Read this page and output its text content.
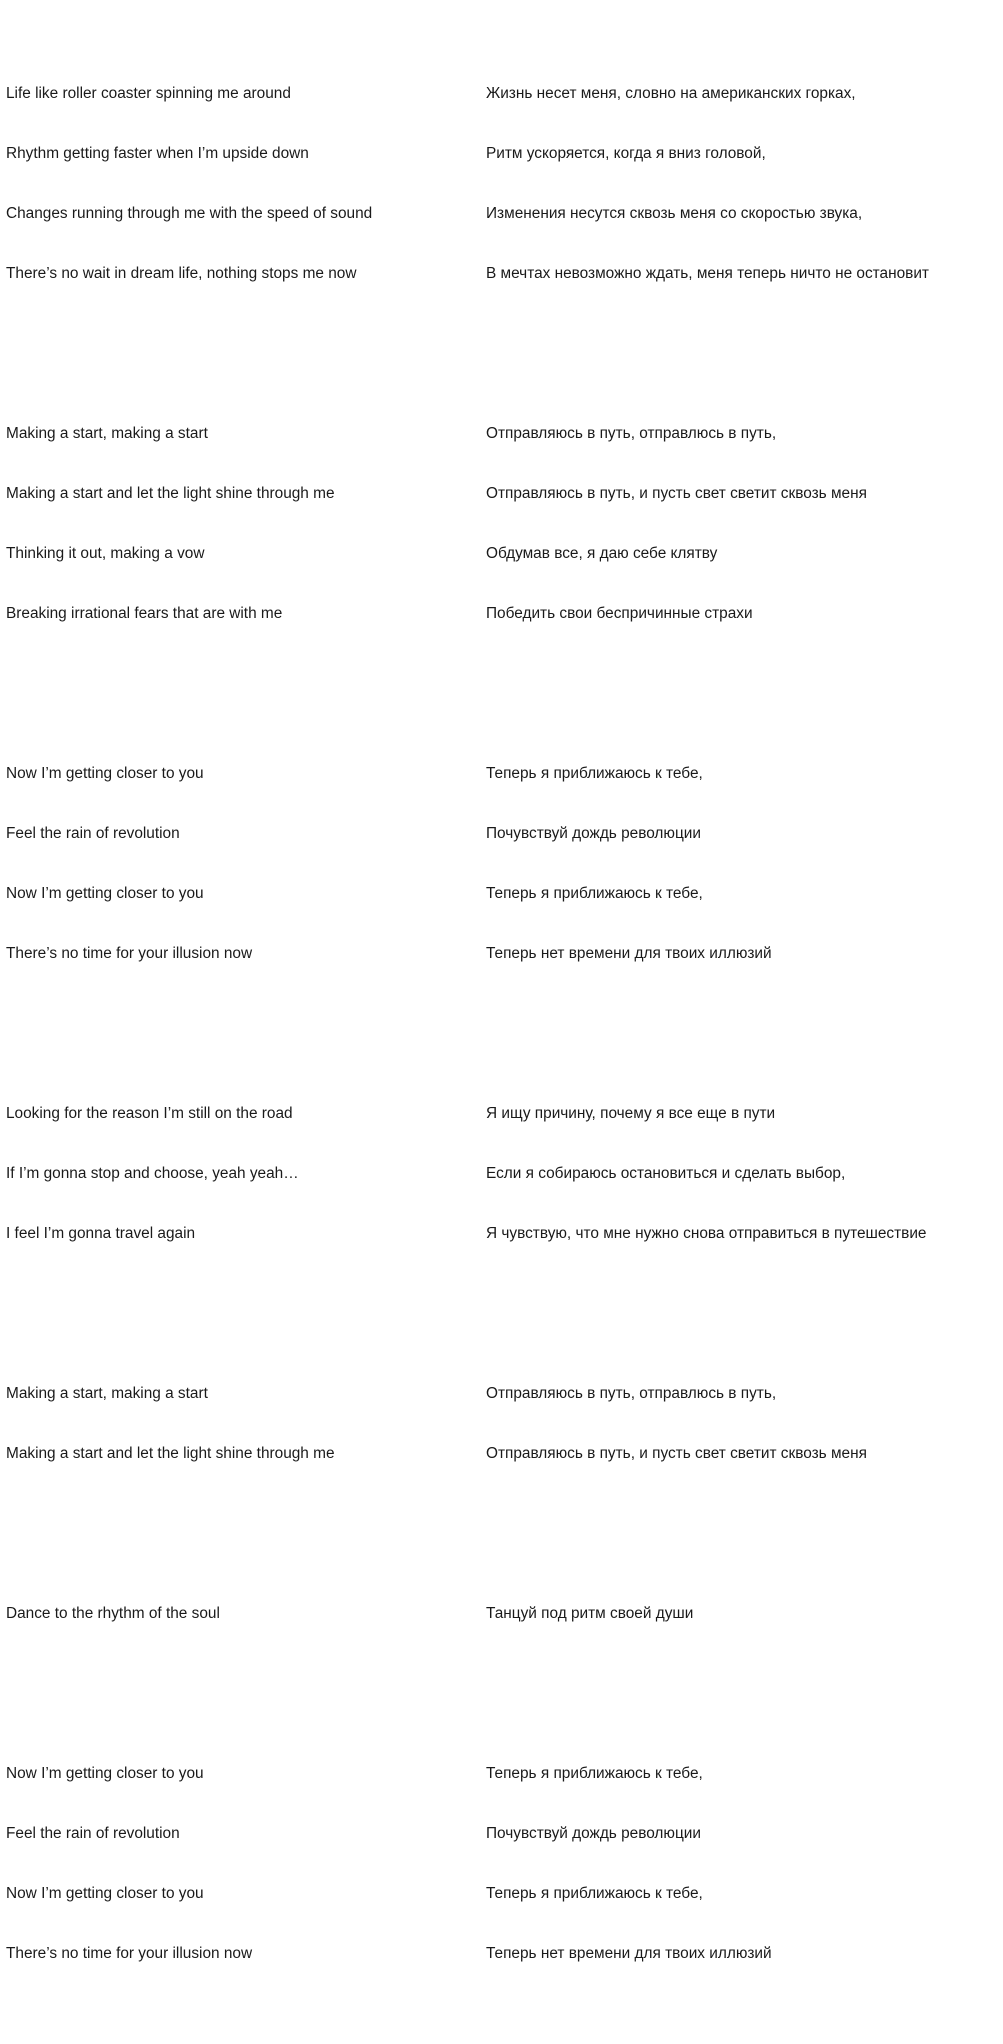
Life like roller coaster spinning me around

Rhythm getting faster when I’m upside down

Changes running through me with the speed of sound

There’s no wait in dream life, nothing stops me now

Making a start, making a start

Making a start and let the light shine through me

Thinking it out, making a vow

Breaking irrational fears that are with me

Now I’m getting closer to you

Feel the rain of revolution

Now I’m getting closer to you

There’s no time for your illusion now

Looking for the reason I’m still on the road

If I’m gonna stop and choose, yeah yeah…

I feel I’m gonna travel again

Making a start, making a start

Making a start and let the light shine through me

Dance to the rhythm of the soul

Now I’m getting closer to you

Feel the rain of revolution

Now I’m getting closer to you

There’s no time for your illusion now

Жизнь несет меня, словно на американских горках,

Ритм ускоряется, когда я вниз головой,

Изменения несутся сквозь меня со скоростью звука,

В мечтах невозможно ждать, меня теперь ничто не остановит

Отправляюсь в путь, отправлюсь в путь,

Отправляюсь в путь, и пусть свет светит сквозь меня

Обдумав все, я даю себе клятву

Победить свои беспричинные страхи

Теперь я приближаюсь к тебе,

Почувствуй дождь революции

Теперь я приближаюсь к тебе,

Теперь нет времени для твоих иллюзий

Я ищу причину, почему я все еще в пути

Если я собираюсь остановиться и сделать выбор,

Я чувствую, что мне нужно снова отправиться в путешествие

Отправляюсь в путь, отправлюсь в путь,

Отправляюсь в путь, и пусть свет светит сквозь меня

Танцуй под ритм своей души

Теперь я приближаюсь к тебе,

Почувствуй дождь революции

Теперь я приближаюсь к тебе,

Теперь нет времени для твоих иллюзий
